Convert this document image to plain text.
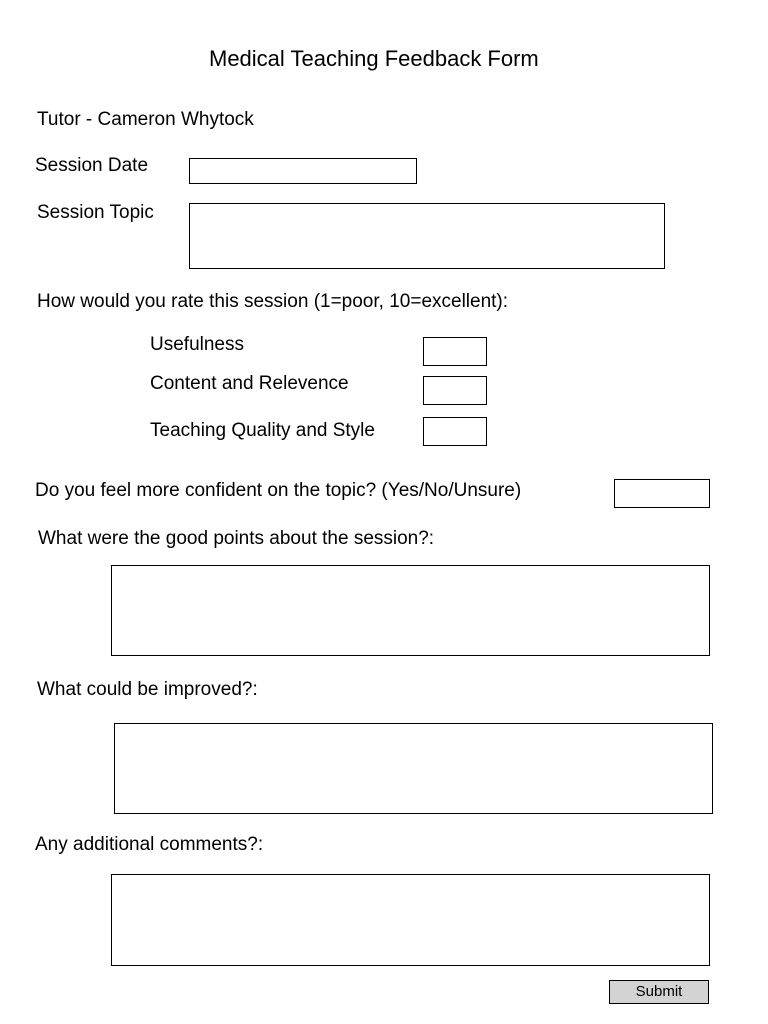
Medical Teaching Feedback Form
Tutor - Cameron Whytock
Session Date
Session Topic
How would you rate this session (1=poor, 10=excellent):
Usefulness
Content and Relevence
Teaching Quality and Style
Do you feel more confident on the topic? (Yes/No/Unsure)
What were the good points about the session?:
What could be improved?:
Any additional comments?:
Submit
